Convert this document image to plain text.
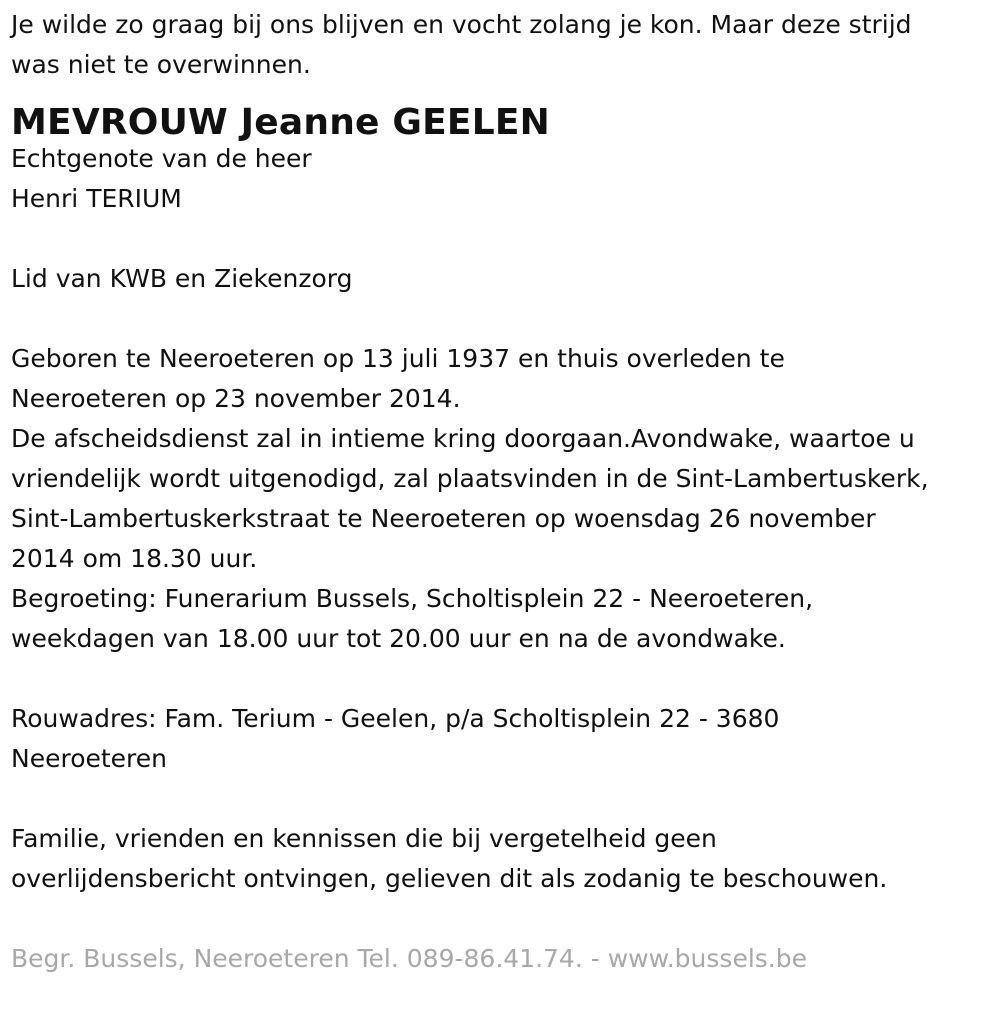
Je wilde zo graag bij ons blijven en vocht zolang je kon. Maar deze strijd
was niet te overwinnen.

MEVROUW Jeanne GEELEN

Echtgenote van de heer
Henri TERIUM

Lid van KWB en Ziekenzorg

Geboren te Neeroeteren op 13 juli 1937 en thuis overleden te
Neeroeteren op 23 november 2014.
De afscheidsdienst zal in intieme kring doorgaan.Avondwake, waartoe u
vriendelijk wordt uitgenodigd, zal plaatsvinden in de Sint-Lambertuskerk,
Sint-Lambertuskerkstraat te Neeroeteren op woensdag 26 november
2014 om 18.30 uur.
Begroeting: Funerarium Bussels, Scholtisplein 22 - Neeroeteren,
weekdagen van 18.00 uur tot 20.00 uur en na de avondwake.

Rouwadres: Fam. Terium - Geelen, p/a Scholtisplein 22 - 3680
Neeroeteren

Familie, vrienden en kennissen die bij vergetelheid geen
overlijdensbericht ontvingen, gelieven dit als zodanig te beschouwen.

Begr. Bussels, Neeroeteren Tel. 089-86.41.74. - www.bussels.be
